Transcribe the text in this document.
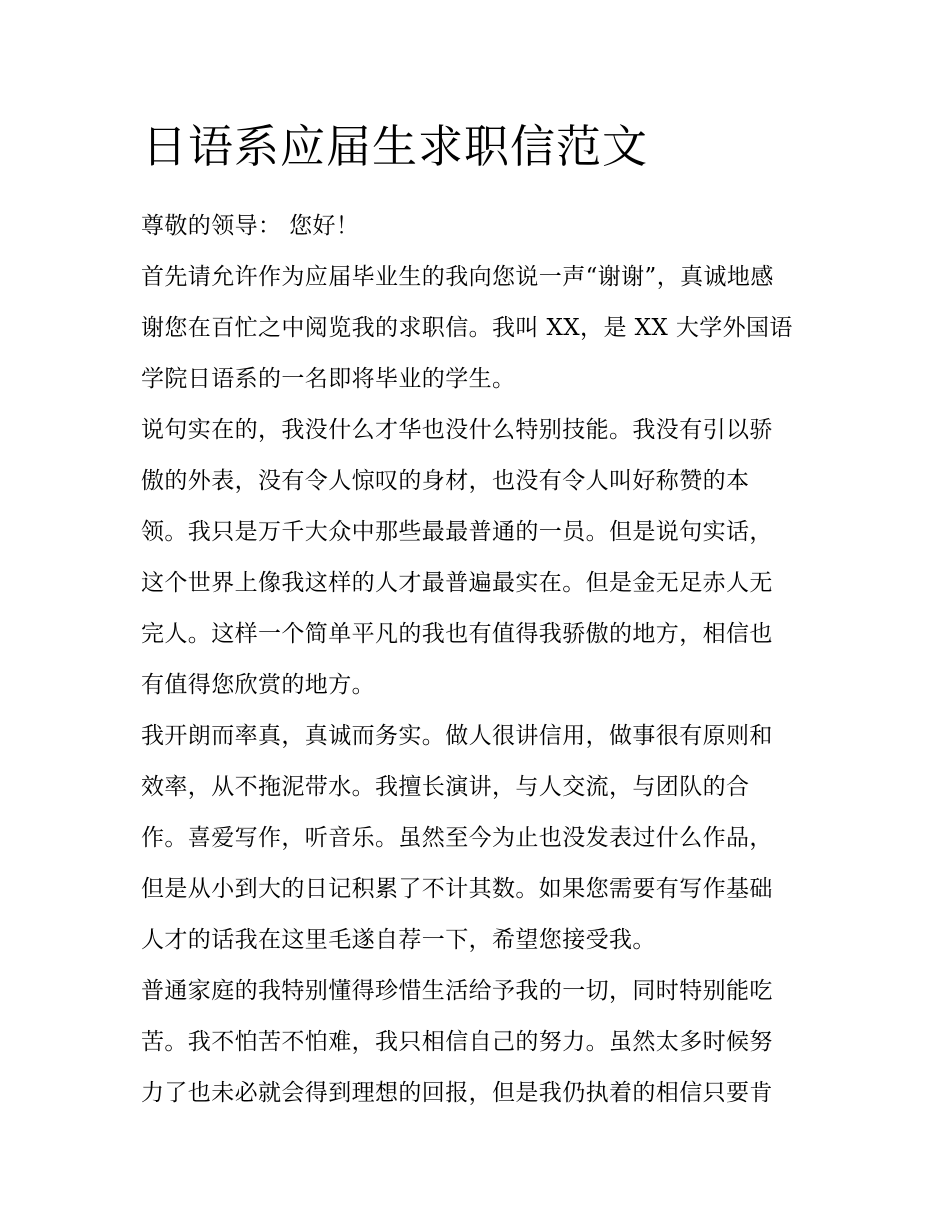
日语系应届生求职信范文
尊敬的领导： 您好！
首先请允许作为应届毕业生的我向您说一声“谢谢”，真诚地感
谢您在百忙之中阅览我的求职信。我叫 XX，是 XX 大学外国语
学院日语系的一名即将毕业的学生。
说句实在的，我没什么才华也没什么特别技能。我没有引以骄
傲的外表，没有令人惊叹的身材，也没有令人叫好称赞的本
领。我只是万千大众中那些最最普通的一员。但是说句实话，
这个世界上像我这样的人才最普遍最实在。但是金无足赤人无
完人。这样一个简单平凡的我也有值得我骄傲的地方，相信也
有值得您欣赏的地方。
我开朗而率真，真诚而务实。做人很讲信用，做事很有原则和
效率，从不拖泥带水。我擅长演讲，与人交流，与团队的合
作。喜爱写作，听音乐。虽然至今为止也没发表过什么作品，
但是从小到大的日记积累了不计其数。如果您需要有写作基础
人才的话我在这里毛遂自荐一下，希望您接受我。
普通家庭的我特别懂得珍惜生活给予我的一切，同时特别能吃
苦。我不怕苦不怕难，我只相信自己的努力。虽然太多时候努
力了也未必就会得到理想的回报，但是我仍执着的相信只要肯
